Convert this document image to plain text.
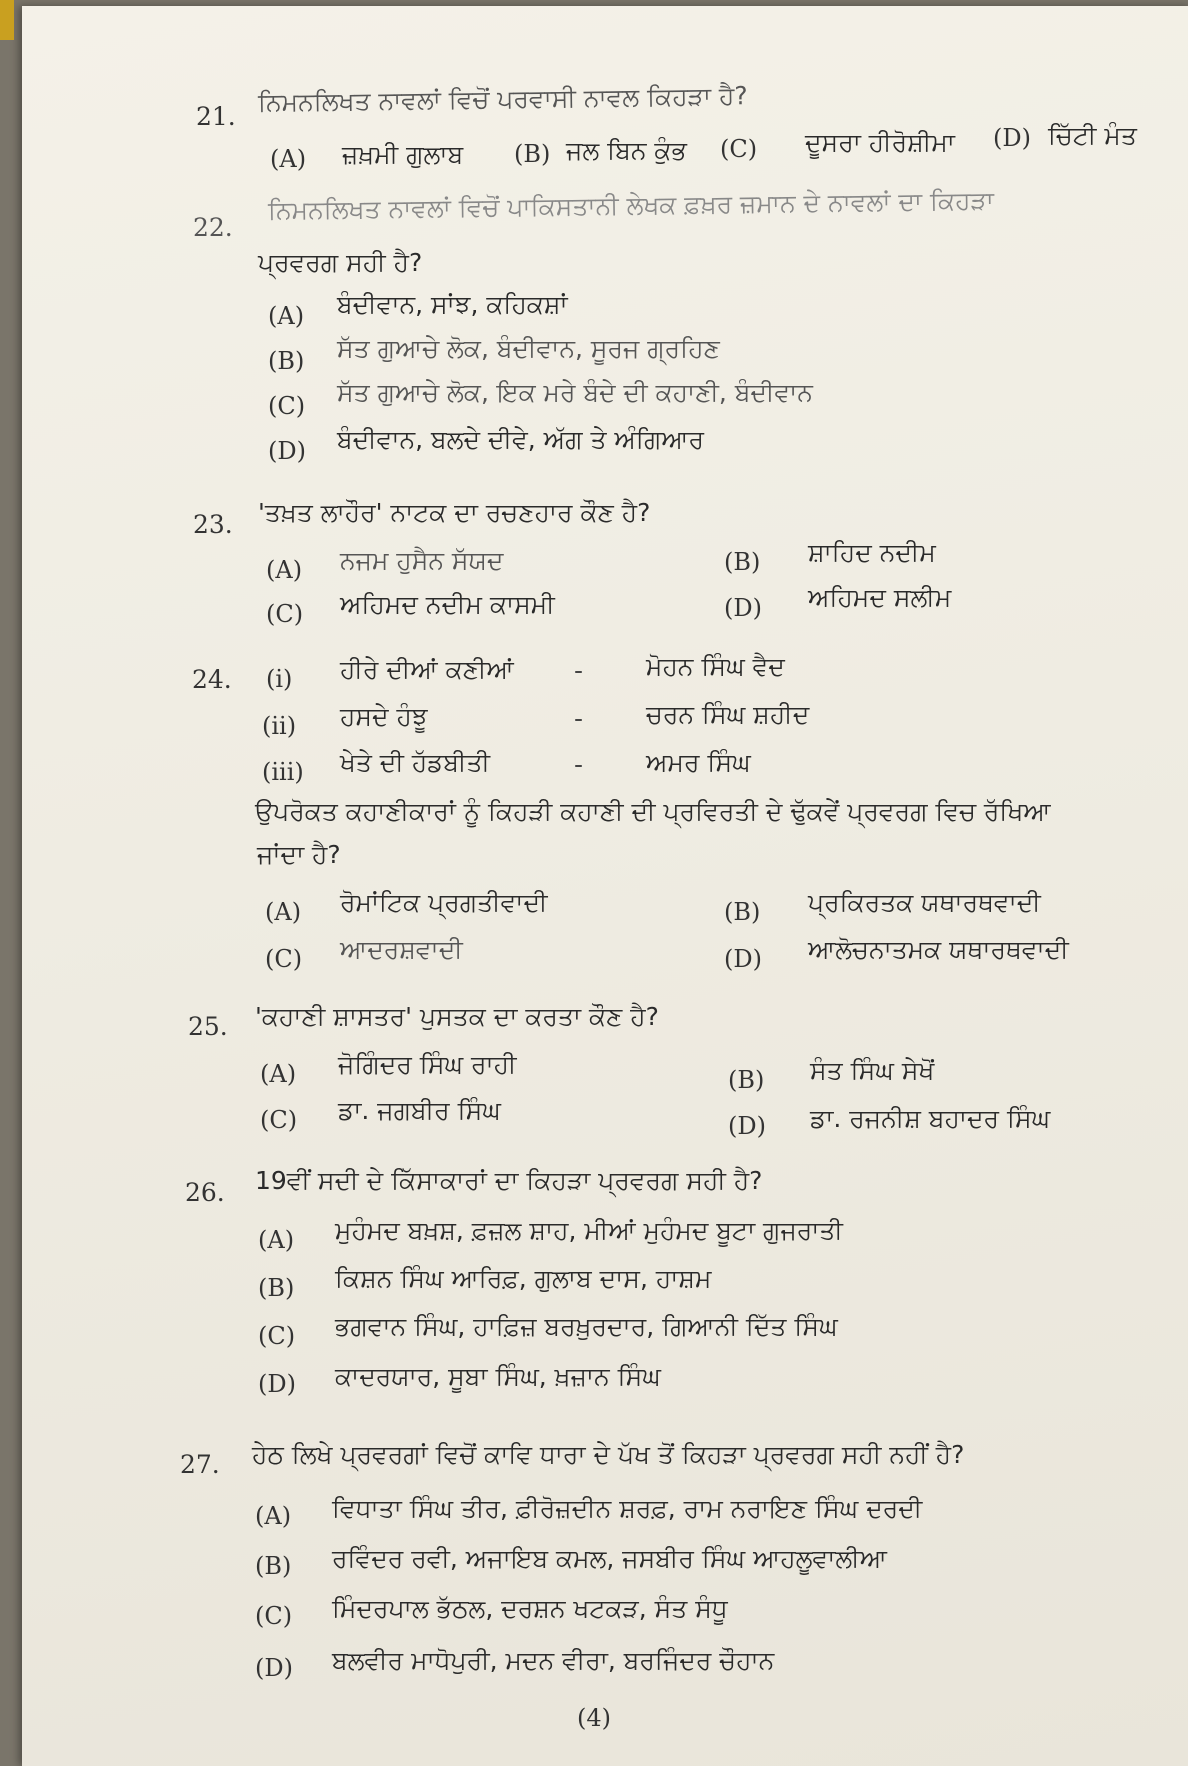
21. ਨਿਮਨਲਿਖਤ ਨਾਵਲਾਂ ਵਿਚੋਂ ਪਰਵਾਸੀ ਨਾਵਲ ਕਿਹੜਾ ਹੈ?
(A) ਜ਼ਖ਼ਮੀ ਗੁਲਾਬ (B) ਜਲ ਬਿਨ ਕੁੰਭ (C) ਦੂਸਰਾ ਹੀਰੋਸ਼ੀਮਾ (D) ਚਿੱਟੀ ਮੰਤ
22.
ਨਿਮਨਲਿਖਤ ਨਾਵਲਾਂ ਵਿਚੋਂ ਪਾਕਿਸਤਾਨੀ ਲੇਖਕ ਫ਼ਖ਼ਰ ਜ਼ਮਾਨ ਦੇ ਨਾਵਲਾਂ ਦਾ ਕਿਹੜਾ
ਪ੍ਰਵਰਗ ਸਹੀ ਹੈ?
(A) ਬੰਦੀਵਾਨ, ਸਾਂਝ, ਕਹਿਕਸ਼ਾਂ
(B) ਸੱਤ ਗੁਆਚੇ ਲੋਕ, ਬੰਦੀਵਾਨ, ਸੂਰਜ ਗ੍ਰਹਿਣ
(C) ਸੱਤ ਗੁਆਚੇ ਲੋਕ, ਇਕ ਮਰੇ ਬੰਦੇ ਦੀ ਕਹਾਣੀ, ਬੰਦੀਵਾਨ
(D) ਬੰਦੀਵਾਨ, ਬਲਦੇ ਦੀਵੇ, ਅੱਗ ਤੇ ਅੰਗਿਆਰ
23. 'ਤਖ਼ਤ ਲਾਹੌਰ' ਨਾਟਕ ਦਾ ਰਚਣਹਾਰ ਕੌਣ ਹੈ?
(A) ਨਜਮ ਹੁਸੈਨ ਸੱਯਦ	(B) ਸ਼ਾਹਿਦ ਨਦੀਮ
(C) ਅਹਿਮਦ ਨਦੀਮ ਕਾਸਮੀ	(D) ਅਹਿਮਦ ਸਲੀਮ
24. (i) ਹੀਰੇ ਦੀਆਂ ਕਣੀਆਂ -	ਮੋਹਨ ਸਿੰਘ ਵੈਦ
(ii) ਹਸਦੇ ਹੰਝੂ	-	ਚਰਨ ਸਿੰਘ ਸ਼ਹੀਦ
(iii) ਖੇਤੇ ਦੀ ਹੱਡਬੀਤੀ	-	ਅਮਰ ਸਿੰਘ
ਉਪਰੋਕਤ ਕਹਾਣੀਕਾਰਾਂ ਨੂੰ ਕਿਹੜੀ ਕਹਾਣੀ ਦੀ ਪ੍ਰਵਿਰਤੀ ਦੇ ਢੁੱਕਵੇਂ ਪ੍ਰਵਰਗ ਵਿਚ ਰੱਖਿਆ
ਜਾਂਦਾ ਹੈ?
(A) ਰੋਮਾਂਟਿਕ ਪ੍ਰਗਤੀਵਾਦੀ	(B) ਪ੍ਰਕਿਰਤਕ ਯਥਾਰਥਵਾਦੀ
(C) ਆਦਰਸ਼ਵਾਦੀ	(D) ਆਲੋਚਨਾਤਮਕ ਯਥਾਰਥਵਾਦੀ
25. 'ਕਹਾਣੀ ਸ਼ਾਸਤਰ' ਪੁਸਤਕ ਦਾ ਕਰਤਾ ਕੌਣ ਹੈ?
(A) ਜੋਗਿੰਦਰ ਸਿੰਘ ਰਾਹੀ
(B) ਸੰਤ ਸਿੰਘ ਸੇਖੋਂ
(C) ਡਾ. ਜਗਬੀਰ ਸਿੰਘ
(D) ਡਾ. ਰਜਨੀਸ਼ ਬਹਾਦਰ ਸਿੰਘ
26. 19ਵੀਂ ਸਦੀ ਦੇ ਕਿੱਸਾਕਾਰਾਂ ਦਾ ਕਿਹੜਾ ਪ੍ਰਵਰਗ ਸਹੀ ਹੈ?
(A) ਮੁਹੰਮਦ ਬਖ਼ਸ਼, ਫ਼ਜ਼ਲ ਸ਼ਾਹ, ਮੀਆਂ ਮੁਹੰਮਦ ਬੂਟਾ ਗੁਜਰਾਤੀ
(B) ਕਿਸ਼ਨ ਸਿੰਘ ਆਰਿਫ਼, ਗੁਲਾਬ ਦਾਸ, ਹਾਸ਼ਮ
(C) ਭਗਵਾਨ ਸਿੰਘ, ਹਾਫ਼ਿਜ਼ ਬਰਖ਼ੁਰਦਾਰ, ਗਿਆਨੀ ਦਿੱਤ ਸਿੰਘ
(D) ਕਾਦਰਯਾਰ, ਸੂਬਾ ਸਿੰਘ, ਖ਼ਜ਼ਾਨ ਸਿੰਘ
27. ਹੇਠ ਲਿਖੇ ਪ੍ਰਵਰਗਾਂ ਵਿਚੋਂ ਕਾਵਿ ਧਾਰਾ ਦੇ ਪੱਖ ਤੋਂ ਕਿਹੜਾ ਪ੍ਰਵਰਗ ਸਹੀ ਨਹੀਂ ਹੈ?
(A) ਵਿਧਾਤਾ ਸਿੰਘ ਤੀਰ, ਫ਼ੀਰੋਜ਼ਦੀਨ ਸ਼ਰਫ਼, ਰਾਮ ਨਰਾਇਣ ਸਿੰਘ ਦਰਦੀ
(B) ਰਵਿੰਦਰ ਰਵੀ, ਅਜਾਇਬ ਕਮਲ, ਜਸਬੀਰ ਸਿੰਘ ਆਹਲੂਵਾਲੀਆ
(C) ਮਿੰਦਰਪਾਲ ਭੱਠਲ, ਦਰਸ਼ਨ ਖਟਕੜ, ਸੰਤ ਸੰਧੂ
(D) ਬਲਵੀਰ ਮਾਧੋਪੁਰੀ, ਮਦਨ ਵੀਰਾ, ਬਰਜਿੰਦਰ ਚੌਹਾਨ
(4)
